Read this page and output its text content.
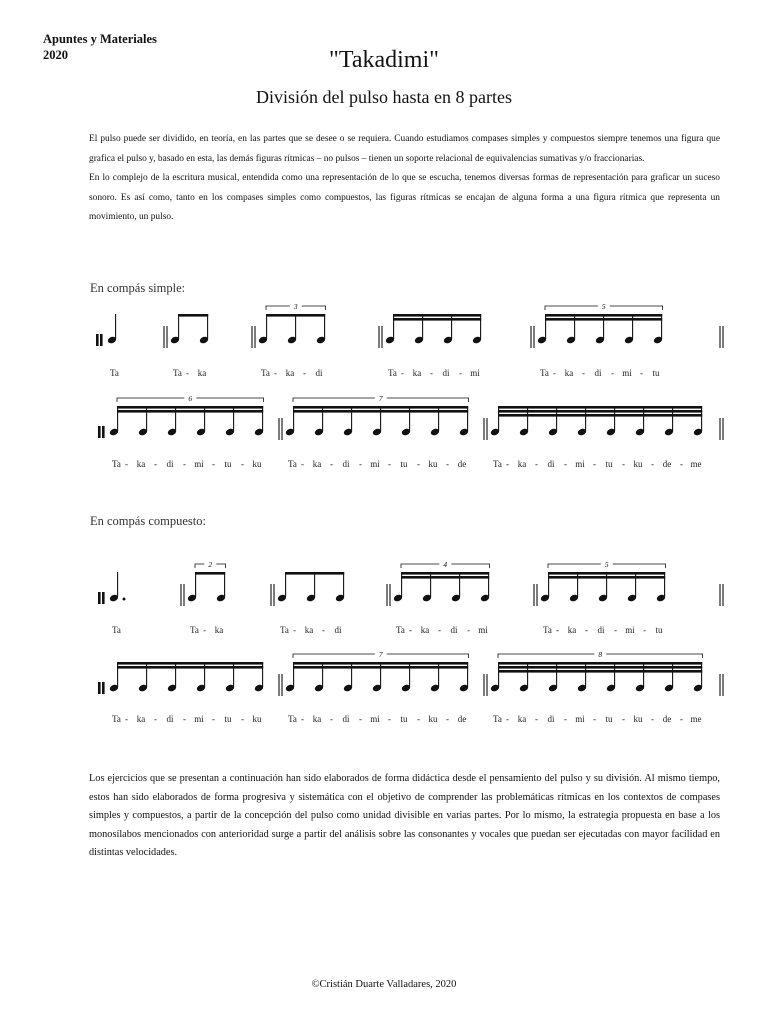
Apuntes y Materiales
2020	"Takadimi"
División del pulso hasta en 8 partes

El pulso puede ser dividido, en teoría, en las partes que se desee o se requiera. Cuando estudiamos compases simples y compuestos siempre tenemos una figura que grafica el pulso y, basado en esta, las demás figuras rítmicas – no pulsos – tienen un soporte relacional de equivalencias sumativas y/o fraccionarias.

En lo complejo de la escritura musical, entendida como una representación de lo que se escucha, tenemos diversas formas de representación para graficar un suceso sonoro. Es así como, tanto en los compases simples como compuestos, las figuras rítmicas se encajan de alguna forma a una figura rítmica que representa un movimiento, un pulso.

En compás simple:
En compás compuesto:
Ta	Ta - ka
3
Ta - ka - di	Ta - ka - di - mi
5
Ta - ka - di - mi - tu
6
Ta - ka - di - mi - tu - ku
7
Ta - ka - di - mi - tu - ku - de	Ta - ka - di - mi - tu - ku - de - me
Ta
2
Ta - ka	Ta - ka - di
4
Ta - ka - di - mi
5
Ta - ka - di - mi - tu
Ta - ka - di - mi - tu - ku
7
Ta - ka - di - mi - tu - ku - de
8
Ta - ka - di - mi - tu - ku - de - me
Los ejercicios que se presentan a continuación han sido elaborados de forma didáctica desde el pensamiento del pulso y su división. Al mismo tiempo, estos han sido elaborados de forma progresiva y sistemática con el objetivo de comprender las problemáticas rítmicas en los contextos de compases simples y compuestos, a partir de la concepción del pulso como unidad divisible en varias partes. Por lo mismo, la estrategia propuesta en base a los monosílabos mencionados con anterioridad surge a partir del análisis sobre las consonantes y vocales que puedan ser ejecutadas con mayor facilidad en distintas velocidades.
©Cristián Duarte Valladares, 2020
